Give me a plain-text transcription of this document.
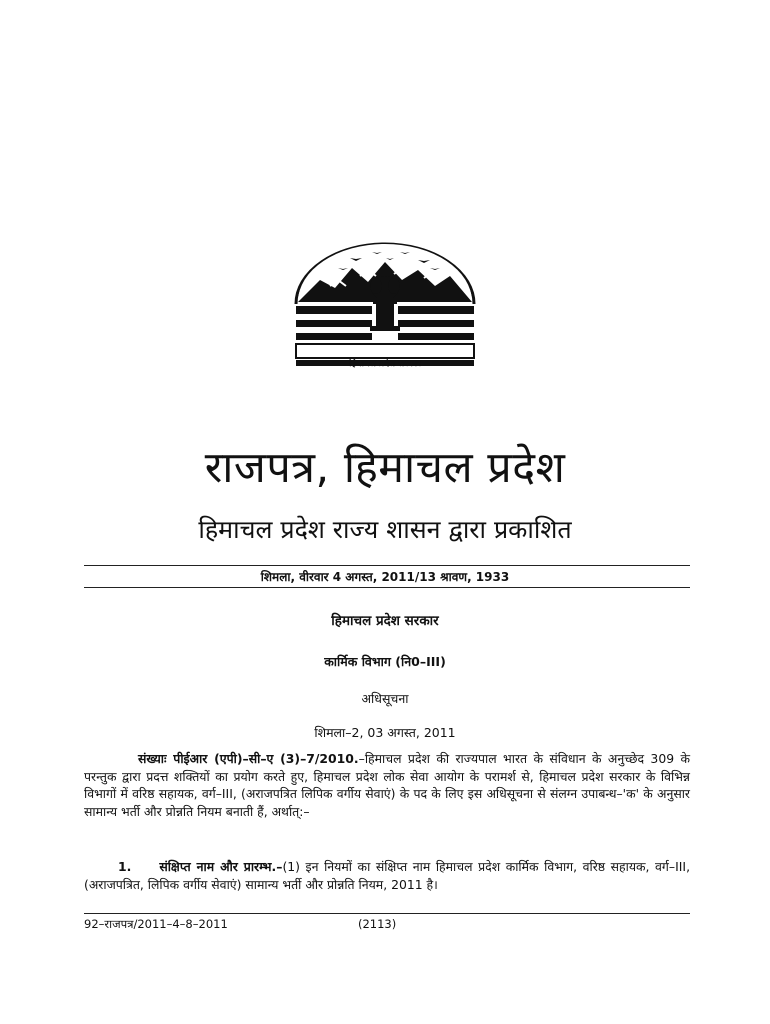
हिमाचल प्रदेश सरकार
राजपत्र, हिमाचल प्रदेश
हिमाचल प्रदेश राज्य शासन द्वारा प्रकाशित
शिमला, वीरवार 4 अगस्त, 2011/13 श्रावण, 1933
हिमाचल प्रदेश सरकार
कार्मिक विभाग (नि0–III)
अधिसूचना
शिमला–2, 03 अगस्त, 2011
संख्याः पीईआर (एपी)–सी–ए (3)–7/2010.–हिमाचल प्रदेश की राज्यपाल भारत के संविधान के अनुच्छेद 309 के परन्तुक द्वारा प्रदत्त शक्तियों का प्रयोग करते हुए, हिमाचल प्रदेश लोक सेवा आयोग के परामर्श से, हिमाचल प्रदेश सरकार के विभिन्न विभागों में वरिष्ठ सहायक, वर्ग–III, (अराजपत्रित लिपिक वर्गीय सेवाएं) के पद के लिए इस अधिसूचना से संलग्न उपाबन्ध–'क' के अनुसार सामान्य भर्ती और प्रोन्नति नियम बनाती हैं, अर्थात्:–
1. संक्षिप्त नाम और प्रारम्भ.–(1) इन नियमों का संक्षिप्त नाम हिमाचल प्रदेश कार्मिक विभाग, वरिष्ठ सहायक, वर्ग–III, (अराजपत्रित, लिपिक वर्गीय सेवाएं) सामान्य भर्ती और प्रोन्नति नियम, 2011 है।
92–राजपत्र/2011–4–8–2011	(2113)
